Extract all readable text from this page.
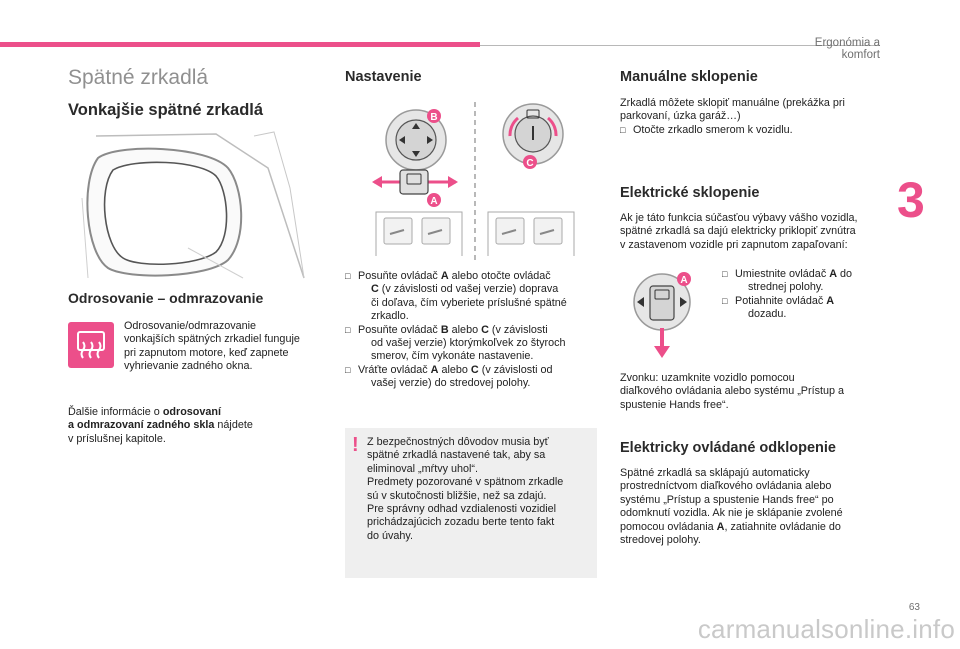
Ergonómia a komfort
3
Spätné zrkadlá
Vonkajšie spätné zrkadlá
Odrosovanie – odmrazovanie
Odrosovanie/odmrazovanie
vonkajších spätných zrkadiel funguje
pri zapnutom motore, keď zapnete
vyhrievanie zadného okna.
Ďalšie informácie o odrosovaní
a odmrazovaní zadného skla nájdete
v príslušnej kapitole.
Nastavenie
B
A
C
□ Posuňte ovládač A alebo otočte ovládač
C (v závislosti od vašej verzie) doprava
či doľava, čím vyberiete príslušné spätné
zrkadlo.
□ Posuňte ovládač B alebo C (v závislosti
od vašej verzie) ktorýmkoľvek zo štyroch
smerov, čím vykonáte nastavenie.
□ Vráťte ovládač A alebo C (v závislosti od
vašej verzie) do stredovej polohy.
! Z bezpečnostných dôvodov musia byť
spätné zrkadlá nastavené tak, aby sa
eliminoval „mŕtvy uhol“.
Predmety pozorované v spätnom zrkadle
sú v skutočnosti bližšie, než sa zdajú.
Pre správny odhad vzdialenosti vozidiel
prichádzajúcich zozadu berte tento fakt
do úvahy.
Manuálne sklopenie
Zrkadlá môžete sklopiť manuálne (prekážka pri
parkovaní, úzka garáž…)
□ Otočte zrkadlo smerom k vozidlu.
Elektrické sklopenie
Ak je táto funkcia súčasťou výbavy vášho vozidla,
spätné zrkadlá sa dajú elektricky priklopiť zvnútra
v zastavenom vozidle pri zapnutom zapaľovaní:
A
□ Umiestnite ovládač A do
strednej polohy.
□ Potiahnite ovládač A
dozadu.
Zvonku: uzamknite vozidlo pomocou
diaľkového ovládania alebo systému „Prístup a
spustenie Hands free“.
Elektricky ovládané odklopenie
Spätné zrkadlá sa sklápajú automaticky
prostredníctvom diaľkového ovládania alebo
systému „Prístup a spustenie Hands free“ po
odomknutí vozidla. Ak nie je sklápanie zvolené
pomocou ovládania A, zatiahnite ovládanie do
stredovej polohy.
63
carmanualsonline.info
